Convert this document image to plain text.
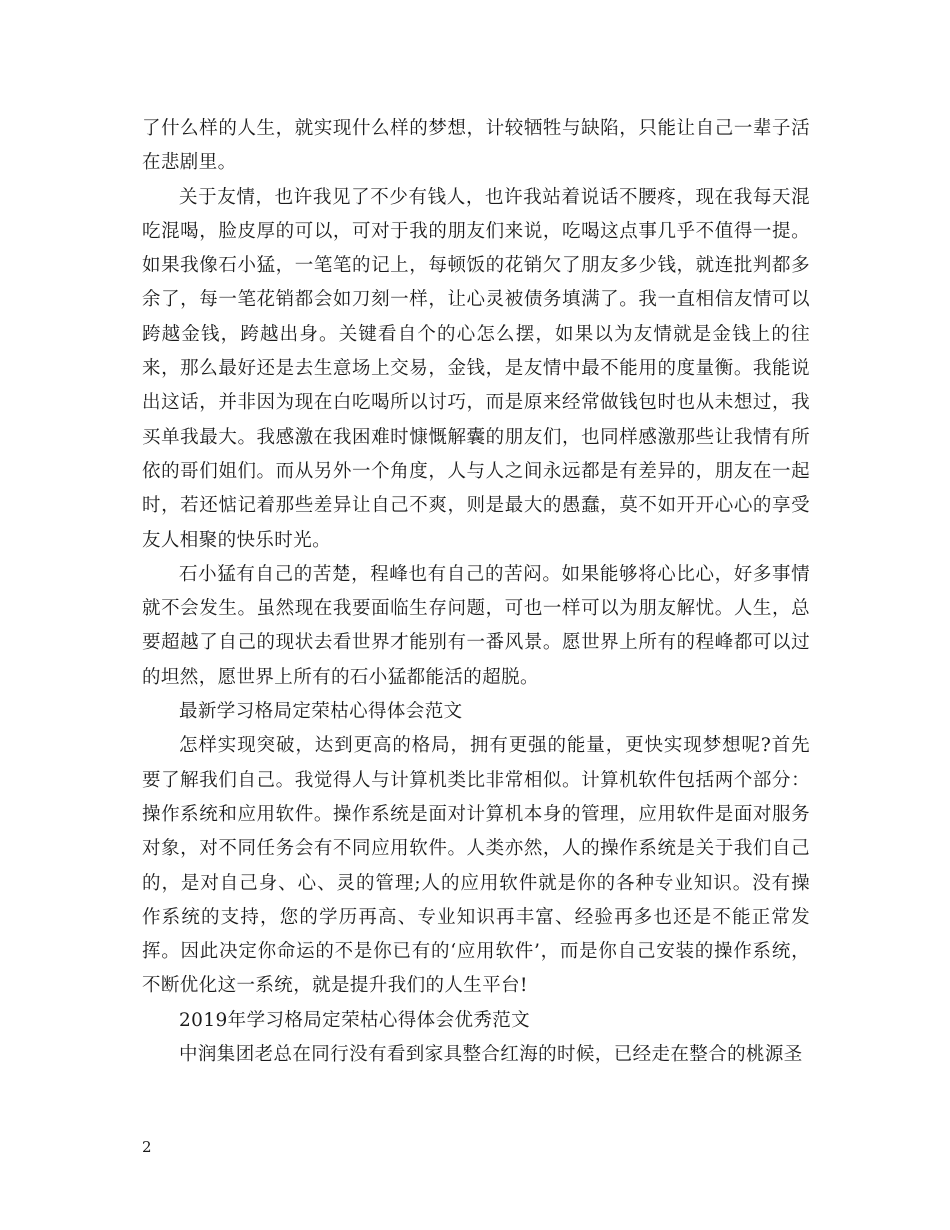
了什么样的人生，就实现什么样的梦想，计较牺牲与缺陷，只能让自己一辈子活在悲剧里。

关于友情，也许我见了不少有钱人，也许我站着说话不腰疼，现在我每天混吃混喝，脸皮厚的可以，可对于我的朋友们来说，吃喝这点事几乎不值得一提。如果我像石小猛，一笔笔的记上，每顿饭的花销欠了朋友多少钱，就连批判都多余了，每一笔花销都会如刀刻一样，让心灵被债务填满了。我一直相信友情可以跨越金钱，跨越出身。关键看自个的心怎么摆，如果以为友情就是金钱上的往来，那么最好还是去生意场上交易，金钱，是友情中最不能用的度量衡。我能说出这话，并非因为现在白吃喝所以讨巧，而是原来经常做钱包时也从未想过，我买单我最大。我感激在我困难时慷慨解囊的朋友们，也同样感激那些让我情有所依的哥们姐们。而从另外一个角度，人与人之间永远都是有差异的，朋友在一起时，若还惦记着那些差异让自己不爽，则是最大的愚蠢，莫不如开开心心的享受友人相聚的快乐时光。

石小猛有自己的苦楚，程峰也有自己的苦闷。如果能够将心比心，好多事情就不会发生。虽然现在我要面临生存问题，可也一样可以为朋友解忧。人生，总要超越了自己的现状去看世界才能别有一番风景。愿世界上所有的程峰都可以过的坦然，愿世界上所有的石小猛都能活的超脱。

最新学习格局定荣枯心得体会范文

怎样实现突破，达到更高的格局，拥有更强的能量，更快实现梦想呢?首先要了解我们自己。我觉得人与计算机类比非常相似。计算机软件包括两个部分：操作系统和应用软件。操作系统是面对计算机本身的管理，应用软件是面对服务对象，对不同任务会有不同应用软件。人类亦然，人的操作系统是关于我们自己的，是对自己身、心、灵的管理;人的应用软件就是你的各种专业知识。没有操作系统的支持，您的学历再高、专业知识再丰富、经验再多也还是不能正常发挥。因此决定你命运的不是你已有的‘应用软件’，而是你自己安装的操作系统，不断优化这一系统，就是提升我们的人生平台!

2019年学习格局定荣枯心得体会优秀范文

中润集团老总在同行没有看到家具整合红海的时候，已经走在整合的桃源圣

2
